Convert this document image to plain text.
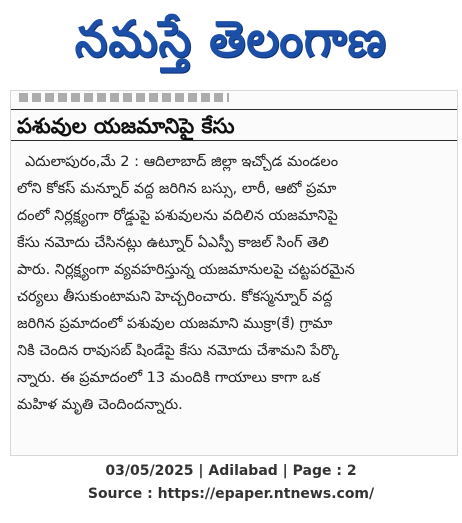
నమస్తే తెలంగాణ
పశువుల యజమానిపై కేసు
ఎదులాపురం,మే 2 : ఆదిలాబాద్ జిల్లా ఇచ్చోడ మండలం
లోని కోకస్ మన్నూర్ వద్ద జరిగిన బస్సు, లారీ, ఆటో ప్రమా
దంలో నిర్లక్ష్యంగా రోడ్డుపై పశువులను వదిలిన యజమానిపై
కేసు నమోదు చేసినట్లు ఉట్నూర్ ఏఎస్పీ కాజల్ సింగ్ తెలి
పారు. నిర్లక్ష్యంగా వ్యవహరిస్తున్న యజమానులపై చట్టపరమైన
చర్యలు తీసుకుంటామని హెచ్చరించారు. కోకస్మన్నూర్ వద్ద
జరిగిన ప్రమాదంలో పశువుల యజమాని ముక్రా(కే) గ్రామా
నికి చెందిన రావుసబ్ షిండేపై కేసు నమోదు చేశామని పేర్కొ
న్నారు. ఈ ప్రమాదంలో 13 మందికి గాయాలు కాగా ఒక
మహిళ మృతి చెందిందన్నారు.
03/05/2025 | Adilabad | Page : 2
Source : https://epaper.ntnews.com/
